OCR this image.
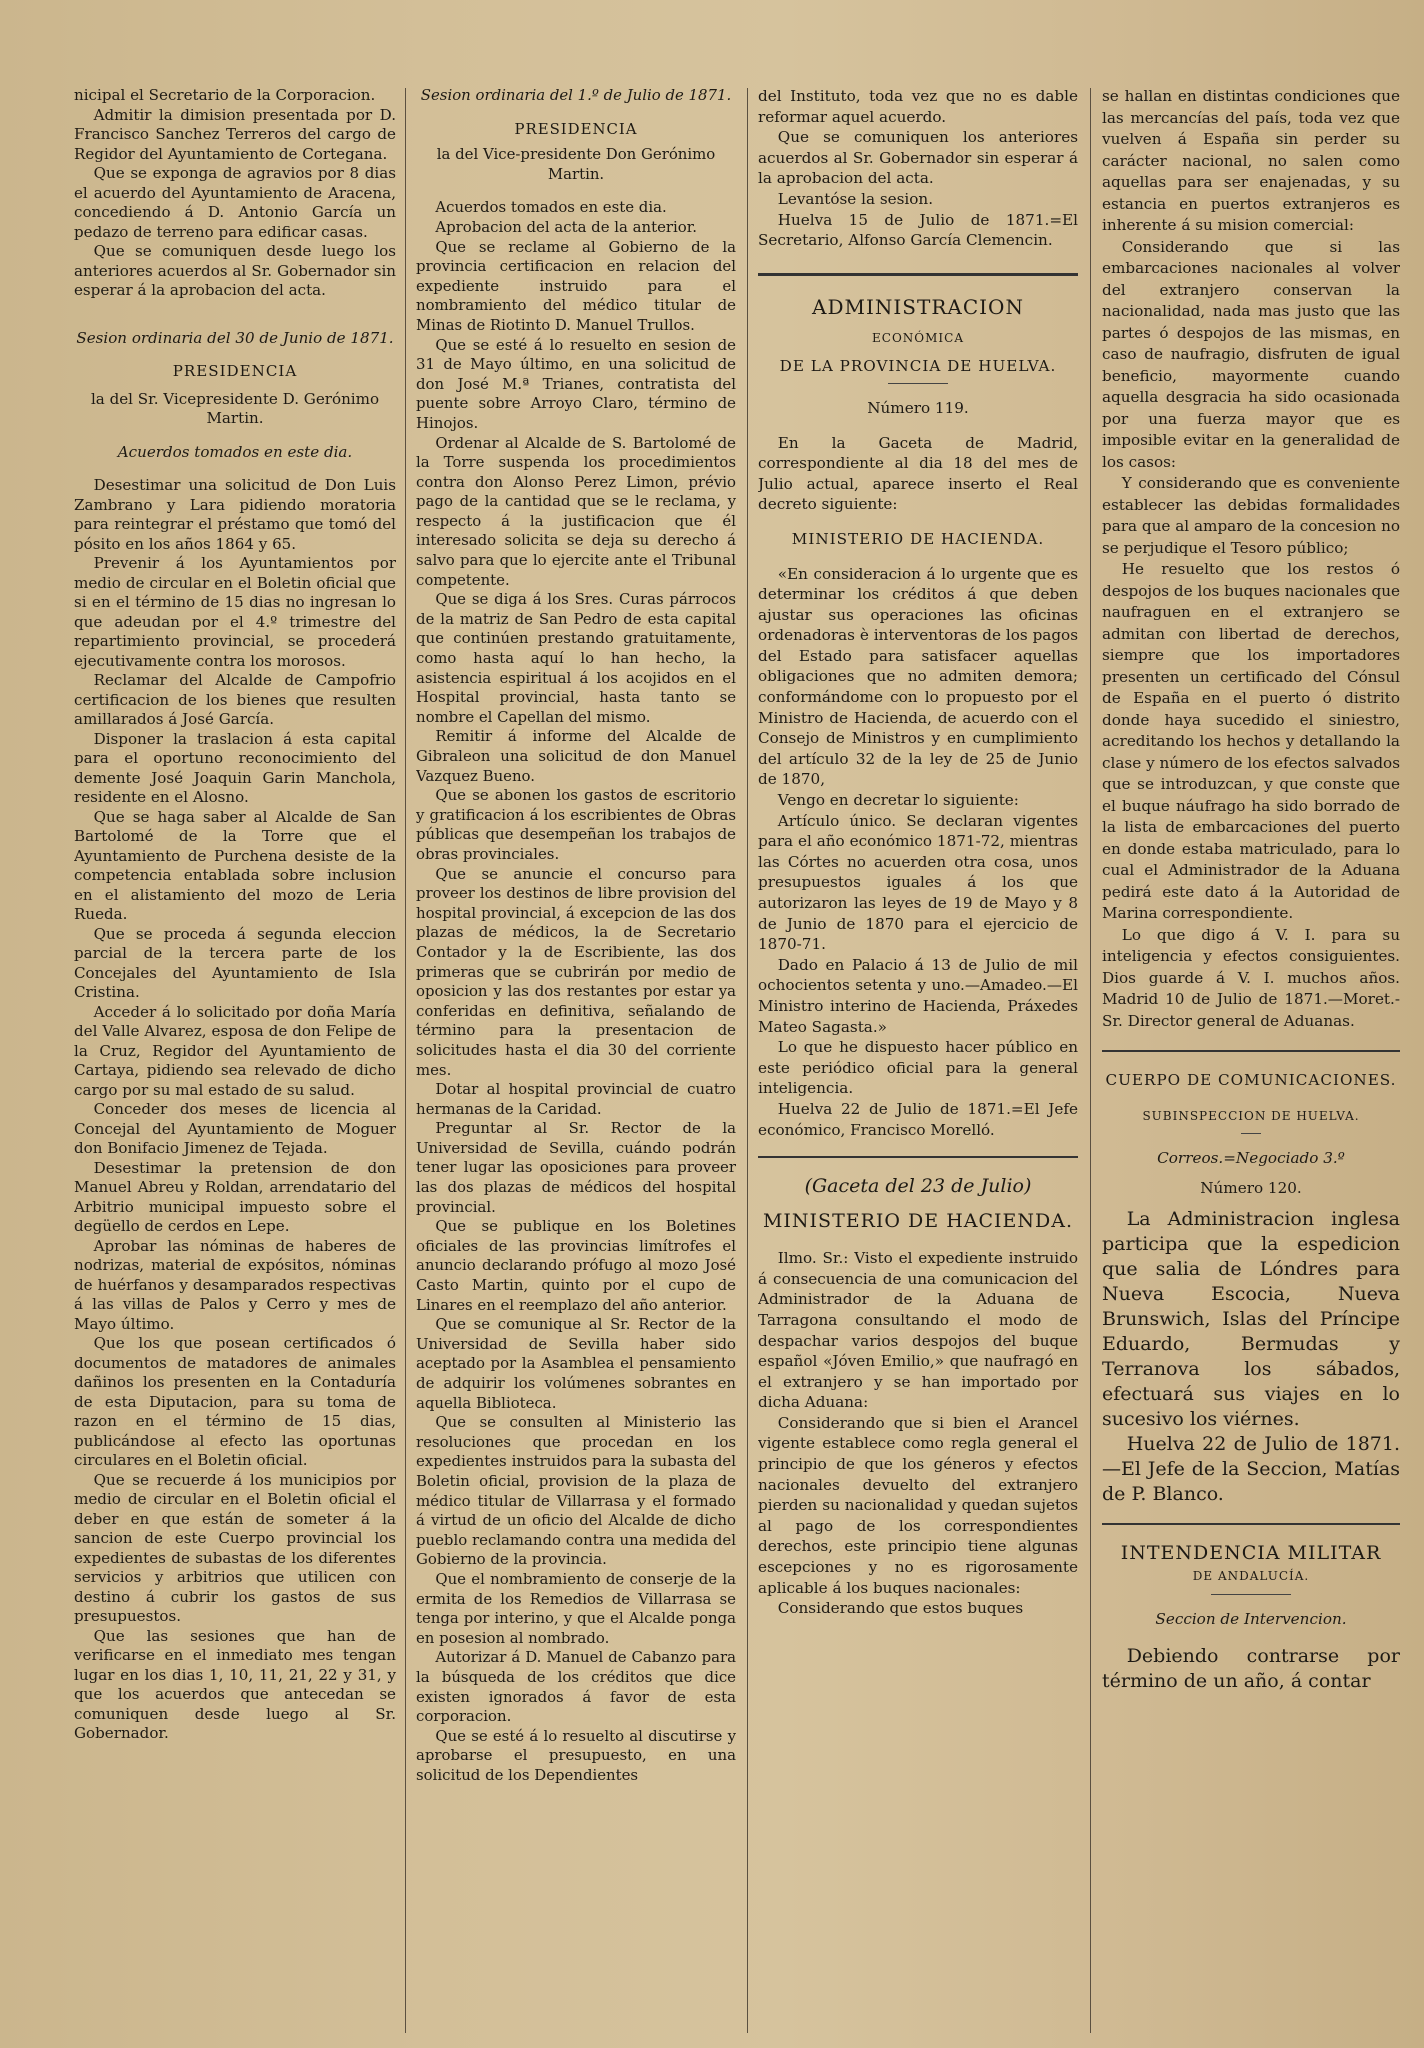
nicipal el Secretario de la Corporacion.

Admitir la dimision presentada por D. Francisco Sanchez Terreros del cargo de Regidor del Ayuntamiento de Cortegana.

Que se exponga de agravios por 8 dias el acuerdo del Ayuntamiento de Aracena, concediendo á D. Antonio García un pedazo de terreno para edificar casas.

Que se comuniquen desde luego los anteriores acuerdos al Sr. Gobernador sin esperar á la aprobacion del acta.

Sesion ordinaria del 30 de Junio de 1871.

PRESIDENCIA

la del Sr. Vicepresidente D. Gerónimo Martin.

Acuerdos tomados en este dia.

Desestimar una solicitud de Don Luis Zambrano y Lara pidiendo moratoria para reintegrar el préstamo que tomó del pósito en los años 1864 y 65.

Prevenir á los Ayuntamientos por medio de circular en el Boletin oficial que si en el término de 15 dias no ingresan lo que adeudan por el 4.º trimestre del repartimiento provincial, se procederá ejecutivamente contra los morosos.

Reclamar del Alcalde de Campofrio certificacion de los bienes que resulten amillarados á José García.

Disponer la traslacion á esta capital para el oportuno reconocimiento del demente José Joaquin Garin Manchola, residente en el Alosno.

Que se haga saber al Alcalde de San Bartolomé de la Torre que el Ayuntamiento de Purchena desiste de la competencia entablada sobre inclusion en el alistamiento del mozo de Leria Rueda.

Que se proceda á segunda eleccion parcial de la tercera parte de los Concejales del Ayuntamiento de Isla Cristina.

Acceder á lo solicitado por doña María del Valle Alvarez, esposa de don Felipe de la Cruz, Regidor del Ayuntamiento de Cartaya, pidiendo sea relevado de dicho cargo por su mal estado de su salud.

Conceder dos meses de licencia al Concejal del Ayuntamiento de Moguer don Bonifacio Jimenez de Tejada.

Desestimar la pretension de don Manuel Abreu y Roldan, arrendatario del Arbitrio municipal impuesto sobre el degüello de cerdos en Lepe.

Aprobar las nóminas de haberes de nodrizas, material de expósitos, nóminas de huérfanos y desamparados respectivas á las villas de Palos y Cerro y mes de Mayo último.

Que los que posean certificados ó documentos de matadores de animales dañinos los presenten en la Contaduría de esta Diputacion, para su toma de razon en el término de 15 dias, publicándose al efecto las oportunas circulares en el Boletin oficial.

Que se recuerde á los municipios por medio de circular en el Boletin oficial el deber en que están de someter á la sancion de este Cuerpo provincial los expedientes de subastas de los diferentes servicios y arbitrios que utilicen con destino á cubrir los gastos de sus presupuestos.

Que las sesiones que han de verificarse en el inmediato mes tengan lugar en los dias 1, 10, 11, 21, 22 y 31, y que los acuerdos que antecedan se comuniquen desde luego al Sr. Gobernador.

Sesion ordinaria del 1.º de Julio de 1871.

PRESIDENCIA

la del Vice-presidente Don Gerónimo Martin.

Acuerdos tomados en este dia.

Aprobacion del acta de la anterior.

Que se reclame al Gobierno de la provincia certificacion en relacion del expediente instruido para el nombramiento del médico titular de Minas de Riotinto D. Manuel Trullos.

Que se esté á lo resuelto en sesion de 31 de Mayo último, en una solicitud de don José M.ª Trianes, contratista del puente sobre Arroyo Claro, término de Hinojos.

Ordenar al Alcalde de S. Bartolomé de la Torre suspenda los procedimientos contra don Alonso Perez Limon, prévio pago de la cantidad que se le reclama, y respecto á la justificacion que él interesado solicita se deja su derecho á salvo para que lo ejercite ante el Tribunal competente.

Que se diga á los Sres. Curas párrocos de la matriz de San Pedro de esta capital que continúen prestando gratuitamente, como hasta aquí lo han hecho, la asistencia espiritual á los acojidos en el Hospital provincial, hasta tanto se nombre el Capellan del mismo.

Remitir á informe del Alcalde de Gibraleon una solicitud de don Manuel Vazquez Bueno.

Que se abonen los gastos de escritorio y gratificacion á los escribientes de Obras públicas que desempeñan los trabajos de obras provinciales.

Que se anuncie el concurso para proveer los destinos de libre provision del hospital provincial, á excepcion de las dos plazas de médicos, la de Secretario Contador y la de Escribiente, las dos primeras que se cubrirán por medio de oposicion y las dos restantes por estar ya conferidas en definitiva, señalando de término para la presentacion de solicitudes hasta el dia 30 del corriente mes.

Dotar al hospital provincial de cuatro hermanas de la Caridad.

Preguntar al Sr. Rector de la Universidad de Sevilla, cuándo podrán tener lugar las oposiciones para proveer las dos plazas de médicos del hospital provincial.

Que se publique en los Boletines oficiales de las provincias limítrofes el anuncio declarando prófugo al mozo José Casto Martin, quinto por el cupo de Linares en el reemplazo del año anterior.

Que se comunique al Sr. Rector de la Universidad de Sevilla haber sido aceptado por la Asamblea el pensamiento de adquirir los volúmenes sobrantes en aquella Biblioteca.

Que se consulten al Ministerio las resoluciones que procedan en los expedientes instruidos para la subasta del Boletin oficial, provision de la plaza de médico titular de Villarrasa y el formado á virtud de un oficio del Alcalde de dicho pueblo reclamando contra una medida del Gobierno de la provincia.

Que el nombramiento de conserje de la ermita de los Remedios de Villarrasa se tenga por interino, y que el Alcalde ponga en posesion al nombrado.

Autorizar á D. Manuel de Cabanzo para la búsqueda de los créditos que dice existen ignorados á favor de esta corporacion.

Que se esté á lo resuelto al discutirse y aprobarse el presupuesto, en una solicitud de los Dependientes

del Instituto, toda vez que no es dable reformar aquel acuerdo.

Que se comuniquen los anteriores acuerdos al Sr. Gobernador sin esperar á la aprobacion del acta.

Levantóse la sesion.

Huelva 15 de Julio de 1871.=El Secretario, Alfonso García Clemencin.

ADMINISTRACION

ECONÓMICA

DE LA PROVINCIA DE HUELVA.

Número 119.

En la Gaceta de Madrid, correspondiente al dia 18 del mes de Julio actual, aparece inserto el Real decreto siguiente:

MINISTERIO DE HACIENDA.

«En consideracion á lo urgente que es determinar los créditos á que deben ajustar sus operaciones las oficinas ordenadoras è interventoras de los pagos del Estado para satisfacer aquellas obligaciones que no admiten demora; conformándome con lo propuesto por el Ministro de Hacienda, de acuerdo con el Consejo de Ministros y en cumplimiento del artículo 32 de la ley de 25 de Junio de 1870,

Vengo en decretar lo siguiente:

Artículo único. Se declaran vigentes para el año económico 1871-72, mientras las Córtes no acuerden otra cosa, unos presupuestos iguales á los que autorizaron las leyes de 19 de Mayo y 8 de Junio de 1870 para el ejercicio de 1870-71.

Dado en Palacio á 13 de Julio de mil ochocientos setenta y uno.—Amadeo.—El Ministro interino de Hacienda, Práxedes Mateo Sagasta.»

Lo que he dispuesto hacer público en este periódico oficial para la general inteligencia.

Huelva 22 de Julio de 1871.=El Jefe económico, Francisco Morelló.

(Gaceta del 23 de Julio)

MINISTERIO DE HACIENDA.

Ilmo. Sr.: Visto el expediente instruido á consecuencia de una comunicacion del Administrador de la Aduana de Tarragona consultando el modo de despachar varios despojos del buque español «Jóven Emilio,» que naufragó en el extranjero y se han importado por dicha Aduana:

Considerando que si bien el Arancel vigente establece como regla general el principio de que los géneros y efectos nacionales devuelto del extranjero pierden su nacionalidad y quedan sujetos al pago de los correspondientes derechos, este principio tiene algunas escepciones y no es rigorosamente aplicable á los buques nacionales:

Considerando que estos buques

se hallan en distintas condiciones que las mercancías del país, toda vez que vuelven á España sin perder su carácter nacional, no salen como aquellas para ser enajenadas, y su estancia en puertos extranjeros es inherente á su mision comercial:

Considerando que si las embarcaciones nacionales al volver del extranjero conservan la nacionalidad, nada mas justo que las partes ó despojos de las mismas, en caso de naufragio, disfruten de igual beneficio, mayormente cuando aquella desgracia ha sido ocasionada por una fuerza mayor que es imposible evitar en la generalidad de los casos:

Y considerando que es conveniente establecer las debidas formalidades para que al amparo de la concesion no se perjudique el Tesoro público;

He resuelto que los restos ó despojos de los buques nacionales que naufraguen en el extranjero se admitan con libertad de derechos, siempre que los importadores presenten un certificado del Cónsul de España en el puerto ó distrito donde haya sucedido el siniestro, acreditando los hechos y detallando la clase y número de los efectos salvados que se introduzcan, y que conste que el buque náufrago ha sido borrado de la lista de embarcaciones del puerto en donde estaba matriculado, para lo cual el Administrador de la Aduana pedirá este dato á la Autoridad de Marina correspondiente.

Lo que digo á V. I. para su inteligencia y efectos consiguientes. Dios guarde á V. I. muchos años. Madrid 10 de Julio de 1871.—Moret.-Sr. Director general de Aduanas.

CUERPO DE COMUNICACIONES.

SUBINSPECCION DE HUELVA.

Correos.=Negociado 3.º

Número 120.

La Administracion inglesa participa que la espedicion que salia de Lóndres para Nueva Escocia, Nueva Brunswich, Islas del Príncipe Eduardo, Bermudas y Terranova los sábados, efectuará sus viajes en lo sucesivo los viérnes.

Huelva 22 de Julio de 1871.—El Jefe de la Seccion, Matías de P. Blanco.

INTENDENCIA MILITAR

DE ANDALUCÍA.

Seccion de Intervencion.

Debiendo contrarse por término de un año, á contar
